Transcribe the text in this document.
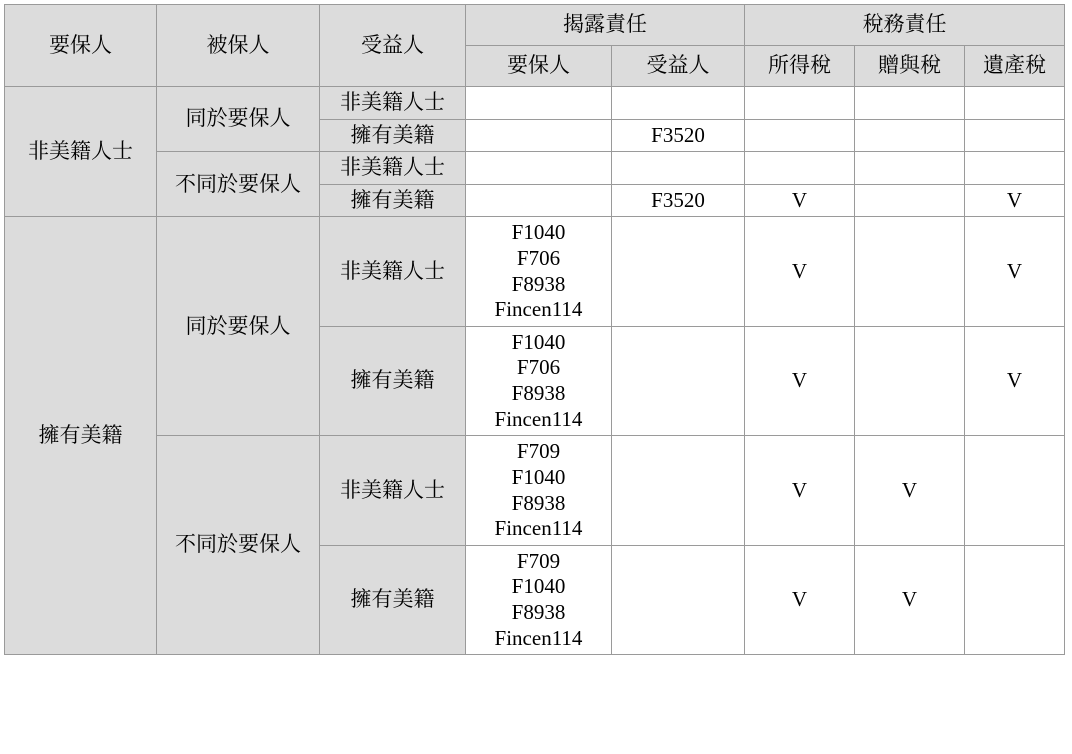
要保人	被保人	受益人	揭露責任		稅務責任		
			要保人	受益人	所得稅	贈與稅	遺產稅
非美籍人士	同於要保人	非美籍人士					
		擁有美籍		F3520			
	不同於要保人	非美籍人士					
		擁有美籍		F3520	V		V
擁有美籍	同於要保人	非美籍人士	F1040
F706
F8938
Fincen114		V		V
		擁有美籍	F1040
F706
F8938
Fincen114		V		V
	不同於要保人	非美籍人士	F709
F1040
F8938
Fincen114		V	V	
		擁有美籍	F709
F1040
F8938
Fincen114		V	V	
